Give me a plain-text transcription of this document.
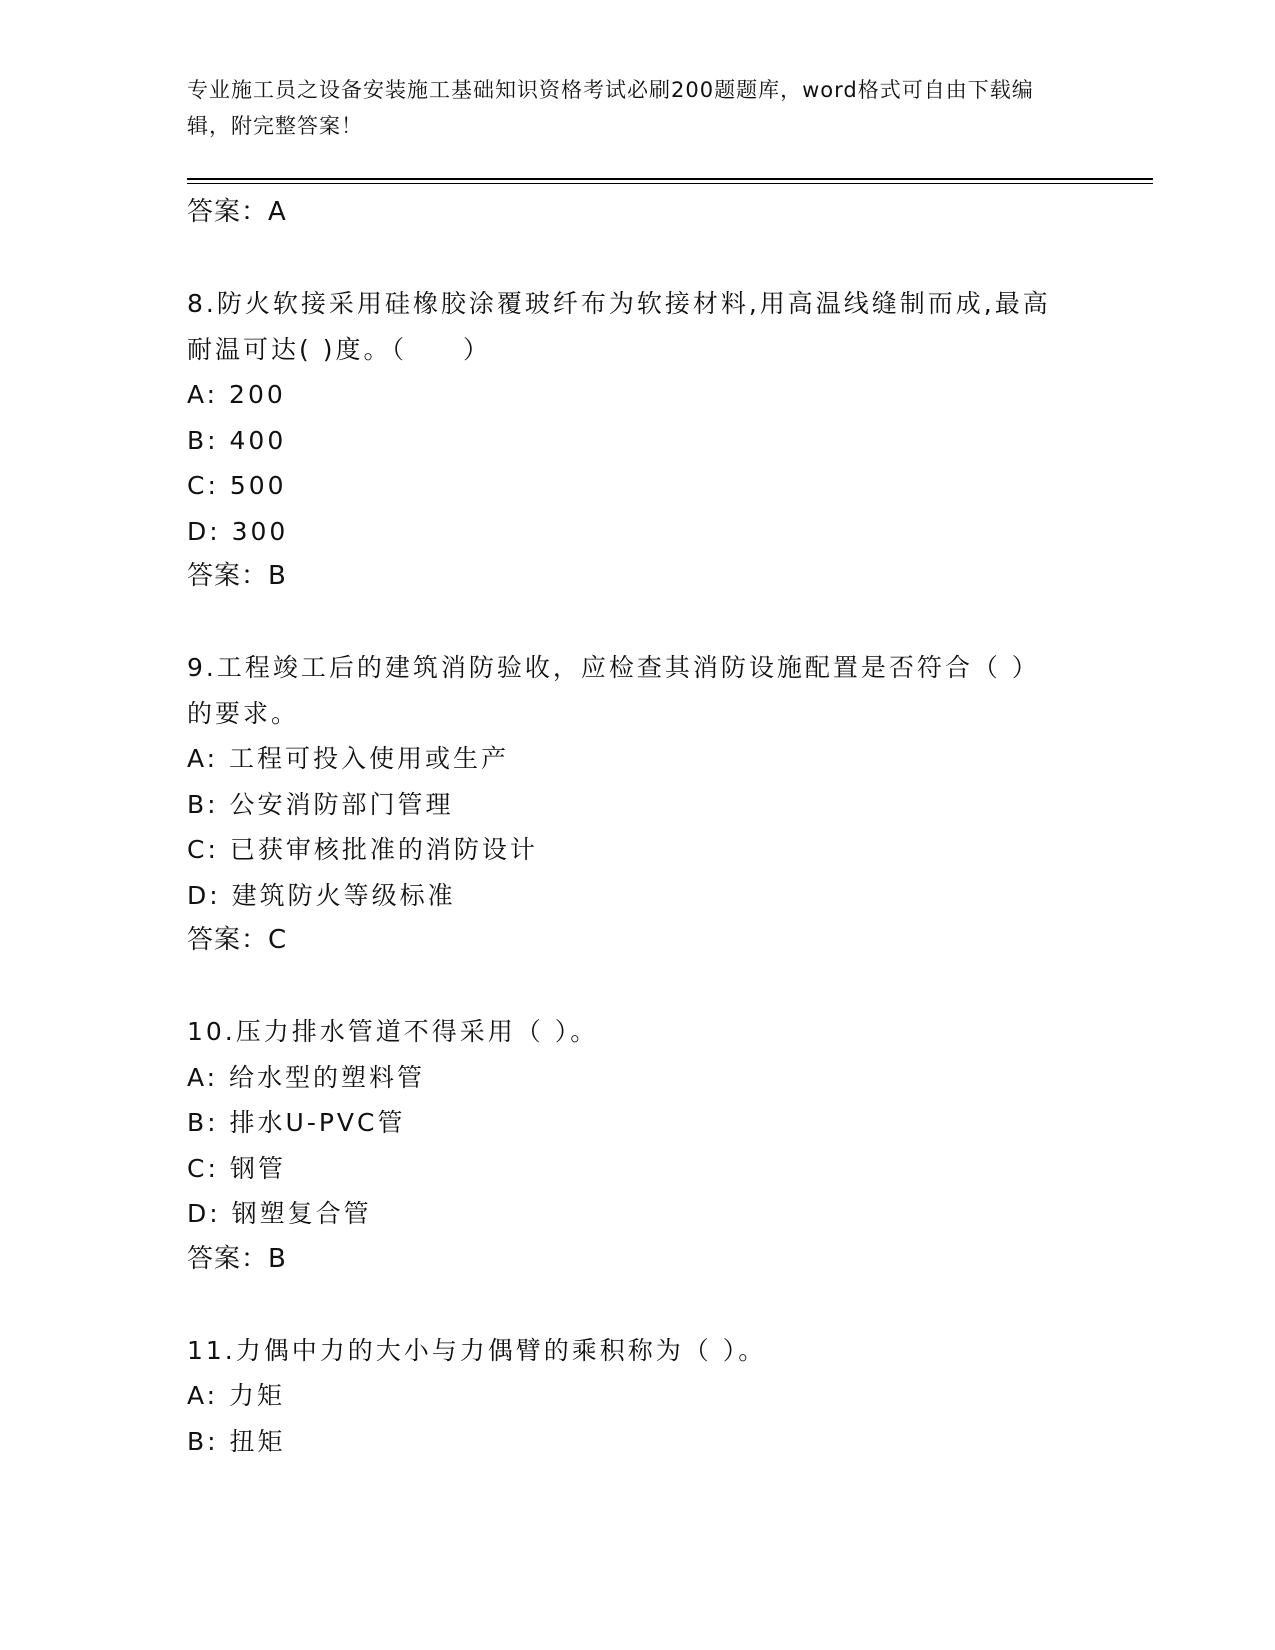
专业施工员之设备安装施工基础知识资格考试必刷200题题库，word格式可自由下载编辑，附完整答案！
答案：A
8.防火软接采用硅橡胶涂覆玻纤布为软接材料,用高温线缝制而成,最高耐温可达( )度。（　　）
A: 200
B: 400
C: 500
D: 300
答案：B
9.工程竣工后的建筑消防验收，应检查其消防设施配置是否符合（ ）的要求。
A: 工程可投入使用或生产
B: 公安消防部门管理
C: 已获审核批准的消防设计
D: 建筑防火等级标准
答案：C
10.压力排水管道不得采用（ ）。
A: 给水型的塑料管
B: 排水U-PVC管
C: 钢管
D: 钢塑复合管
答案：B
11.力偶中力的大小与力偶臂的乘积称为（ ）。
A: 力矩
B: 扭矩
